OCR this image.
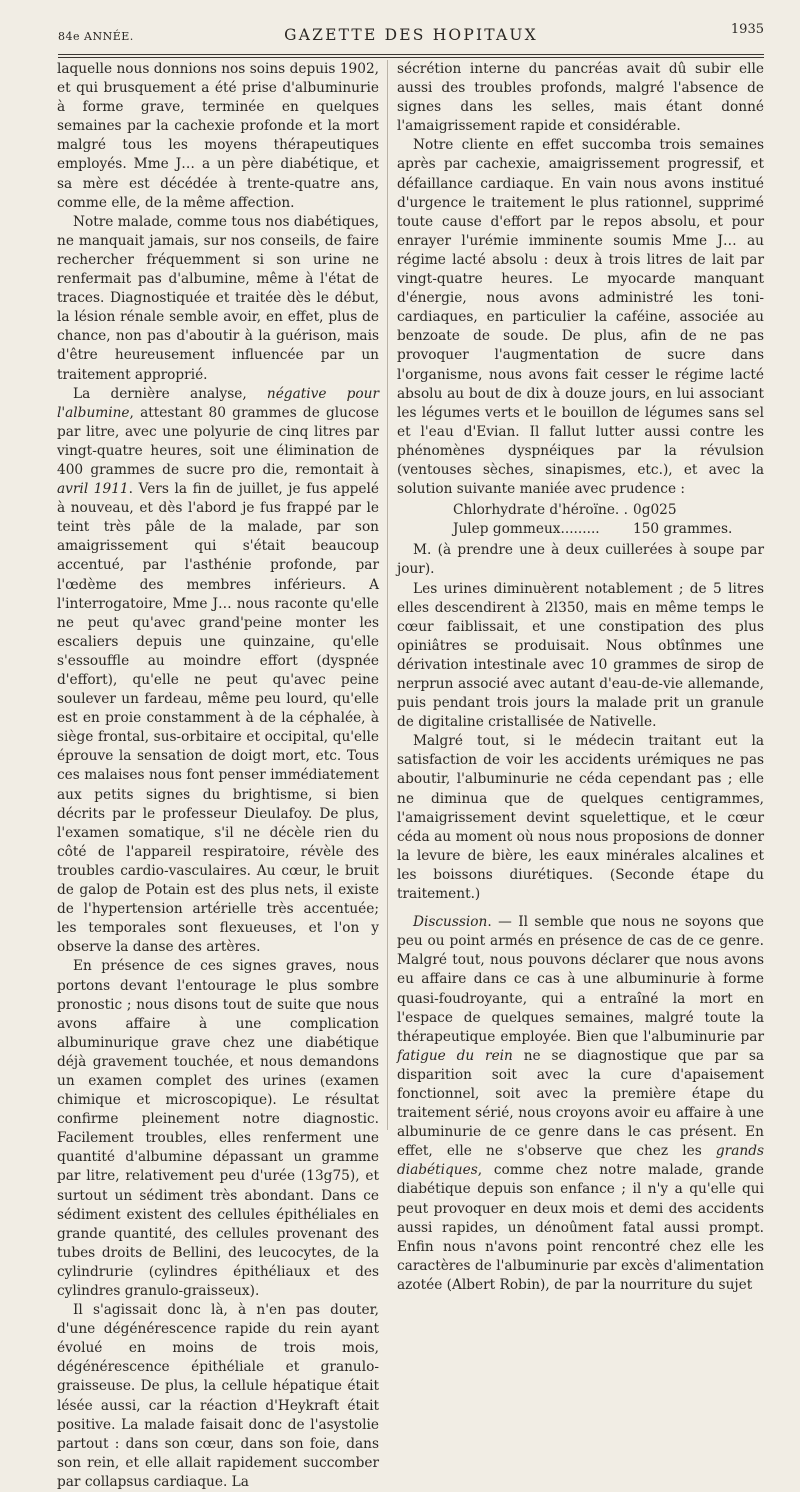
84e ANNÉE.	GAZETTE DES HOPITAUX	1935

laquelle nous donnions nos soins depuis 1902, et qui brusquement a été prise d'albuminurie à forme grave, terminée en quelques semaines par la cachexie profonde et la mort malgré tous les moyens thérapeutiques employés. Mme J… a un père diabétique, et sa mère est décédée à trente-quatre ans, comme elle, de la même affection.

Notre malade, comme tous nos diabétiques, ne manquait jamais, sur nos conseils, de faire rechercher fréquemment si son urine ne renfermait pas d'albumine, même à l'état de traces. Diagnostiquée et traitée dès le début, la lésion rénale semble avoir, en effet, plus de chance, non pas d'aboutir à la guérison, mais d'être heureusement influencée par un traitement approprié.

La dernière analyse, négative pour l'albumine, attestant 80 grammes de glucose par litre, avec une polyurie de cinq litres par vingt-quatre heures, soit une élimination de 400 grammes de sucre pro die, remontait à avril 1911. Vers la fin de juillet, je fus appelé à nouveau, et dès l'abord je fus frappé par le teint très pâle de la malade, par son amaigrissement qui s'était beaucoup accentué, par l'asthénie profonde, par l'œdème des membres inférieurs. A l'interrogatoire, Mme J… nous raconte qu'elle ne peut qu'avec grand'peine monter les escaliers depuis une quinzaine, qu'elle s'essouffle au moindre effort (dyspnée d'effort), qu'elle ne peut qu'avec peine soulever un fardeau, même peu lourd, qu'elle est en proie constamment à de la céphalée, à siège frontal, sus-orbitaire et occipital, qu'elle éprouve la sensation de doigt mort, etc. Tous ces malaises nous font penser immédiatement aux petits signes du brightisme, si bien décrits par le professeur Dieulafoy. De plus, l'examen somatique, s'il ne décèle rien du côté de l'appareil respiratoire, révèle des troubles cardio-vasculaires. Au cœur, le bruit de galop de Potain est des plus nets, il existe de l'hypertension artérielle très accentuée; les temporales sont flexueuses, et l'on y observe la danse des artères.

En présence de ces signes graves, nous portons devant l'entourage le plus sombre pronostic ; nous disons tout de suite que nous avons affaire à une complication albuminurique grave chez une diabétique déjà gravement touchée, et nous demandons un examen complet des urines (examen chimique et microscopique). Le résultat confirme pleinement notre diagnostic. Facilement troubles, elles renferment une quantité d'albumine dépassant un gramme par litre, relativement peu d'urée (13g75), et surtout un sédiment très abondant. Dans ce sédiment existent des cellules épithéliales en grande quantité, des cellules provenant des tubes droits de Bellini, des leucocytes, de la cylindrurie (cylindres épithéliaux et des cylindres granulo-graisseux).

Il s'agissait donc là, à n'en pas douter, d'une dégénérescence rapide du rein ayant évolué en moins de trois mois, dégénérescence épithéliale et granulo-graisseuse. De plus, la cellule hépatique était lésée aussi, car la réaction d'Heykraft était positive. La malade faisait donc de l'asystolie partout : dans son cœur, dans son foie, dans son rein, et elle allait rapidement succomber par collapsus cardiaque. La

sécrétion interne du pancréas avait dû subir elle aussi des troubles profonds, malgré l'absence de signes dans les selles, mais étant donné l'amaigrissement rapide et considérable.

Notre cliente en effet succomba trois semaines après par cachexie, amaigrissement progressif, et défaillance cardiaque. En vain nous avons institué d'urgence le traitement le plus rationnel, supprimé toute cause d'effort par le repos absolu, et pour enrayer l'urémie imminente soumis Mme J… au régime lacté absolu : deux à trois litres de lait par vingt-quatre heures. Le myocarde manquant d'énergie, nous avons administré les toni-cardiaques, en particulier la caféine, associée au benzoate de soude. De plus, afin de ne pas provoquer l'augmentation de sucre dans l'organisme, nous avons fait cesser le régime lacté absolu au bout de dix à douze jours, en lui associant les légumes verts et le bouillon de légumes sans sel et l'eau d'Evian. Il fallut lutter aussi contre les phénomènes dyspnéiques par la révulsion (ventouses sèches, sinapismes, etc.), et avec la solution suivante maniée avec prudence :

Chlorhydrate d'héroïne. . 0g025
Julep gommeux.........	150 grammes.

M. (à prendre une à deux cuillerées à soupe par jour).

Les urines diminuèrent notablement ; de 5 litres elles descendirent à 2l350, mais en même temps le cœur faiblissait, et une constipation des plus opiniâtres se produisait. Nous obtînmes une dérivation intestinale avec 10 grammes de sirop de nerprun associé avec autant d'eau-de-vie allemande, puis pendant trois jours la malade prit un granule de digitaline cristallisée de Nativelle.

Malgré tout, si le médecin traitant eut la satisfaction de voir les accidents urémiques ne pas aboutir, l'albuminurie ne céda cependant pas ; elle ne diminua que de quelques centigrammes, l'amaigrissement devint squelettique, et le cœur céda au moment où nous nous proposions de donner la levure de bière, les eaux minérales alcalines et les boissons diurétiques. (Seconde étape du traitement.)

Discussion. — Il semble que nous ne soyons que peu ou point armés en présence de cas de ce genre. Malgré tout, nous pouvons déclarer que nous avons eu affaire dans ce cas à une albuminurie à forme quasi-foudroyante, qui a entraîné la mort en l'espace de quelques semaines, malgré toute la thérapeutique employée. Bien que l'albuminurie par fatigue du rein ne se diagnostique que par sa disparition soit avec la cure d'apaisement fonctionnel, soit avec la première étape du traitement sérié, nous croyons avoir eu affaire à une albuminurie de ce genre dans le cas présent. En effet, elle ne s'observe que chez les grands diabétiques, comme chez notre malade, grande diabétique depuis son enfance ; il n'y a qu'elle qui peut provoquer en deux mois et demi des accidents aussi rapides, un dénoûment fatal aussi prompt. Enfin nous n'avons point rencontré chez elle les caractères de l'albuminurie par excès d'alimentation azotée (Albert Robin), de par la nourriture du sujet
